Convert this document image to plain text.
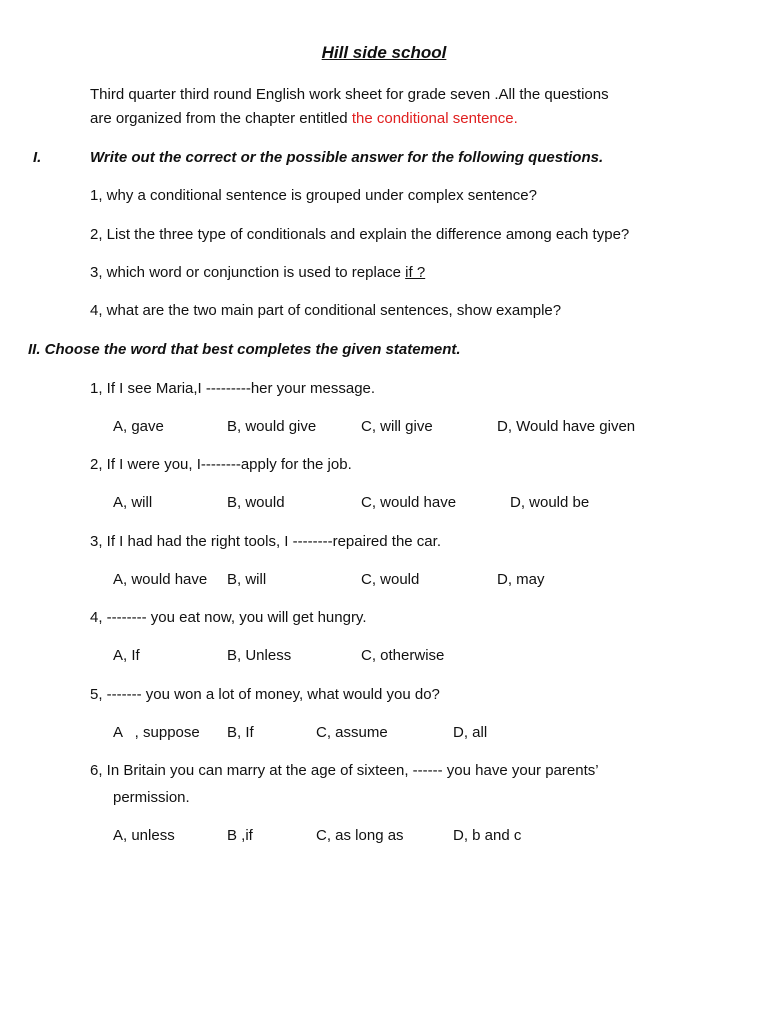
Hill side school
Third quarter third round English work sheet for grade seven .All the questions
are organized from the chapter entitled the conditional sentence.
I.	Write out the correct or the possible answer for the following questions.
1, why a conditional sentence is grouped under complex sentence?
2, List the three type of conditionals and explain the difference among each type?
3, which word or conjunction is used to replace if ?
4, what are the two main part of conditional sentences, show example?
II. Choose the word that best completes the given statement.
1, If I see Maria,I ---------her your message.
A, gave	B, would give	C, will give	D, Would have given
2, If I were you, I--------apply for the job.
A, will	B, would	C, would have	D, would be
3, If I had had the right tools, I --------repaired the car.
A, would have B, will	C, would	D, may
4, -------- you eat now, you will get hungry.
A, If	B, Unless	C, otherwise
5, ------- you won a lot of money, what would you do?
A   , suppose B, If	C, assume	D, all
6, In Britain you can marry at the age of sixteen, ------ you have your parents’
permission.
A, unless	B ,if	C, as long as	D, b and c
